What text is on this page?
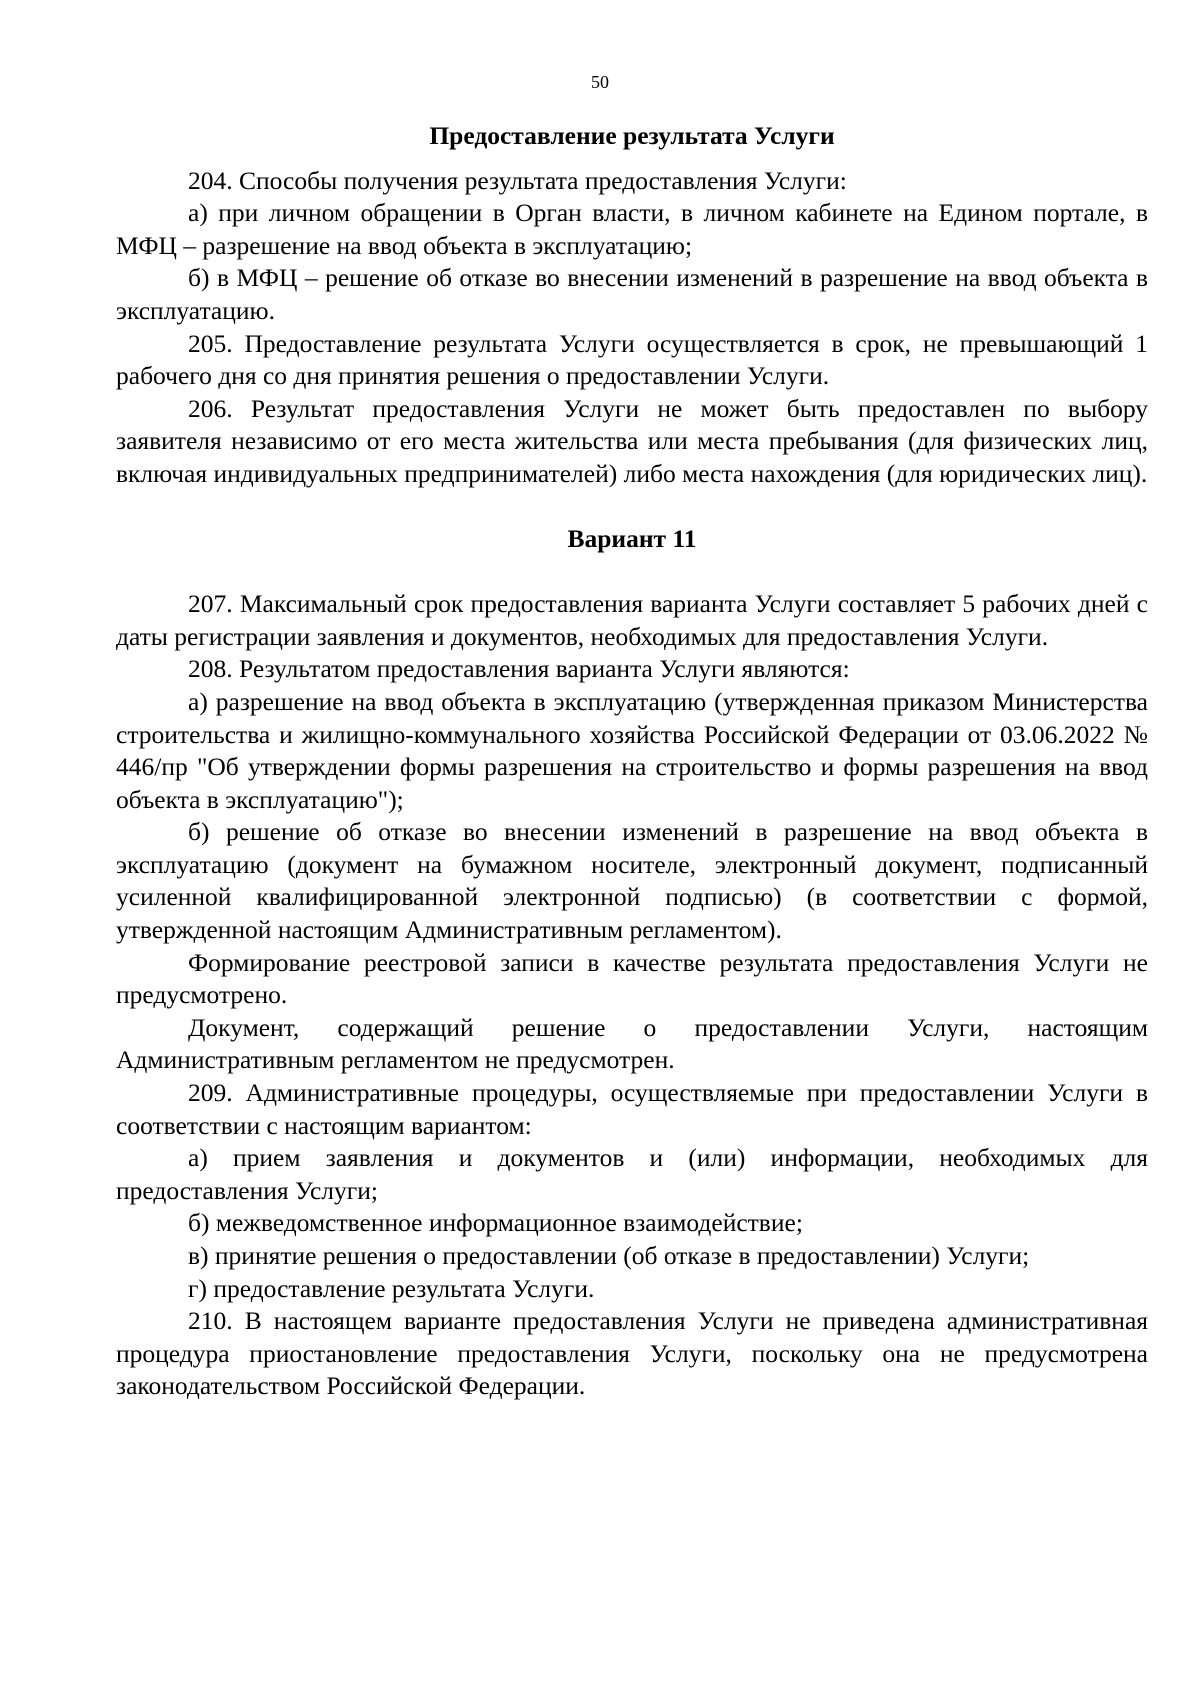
50
Предоставление результата Услуги

204. Способы получения результата предоставления Услуги:

а) при личном обращении в Орган власти, в личном кабинете на Едином портале, в МФЦ – разрешение на ввод объекта в эксплуатацию;

б) в МФЦ – решение об отказе во внесении изменений в разрешение на ввод объекта в эксплуатацию.

205. Предоставление результата Услуги осуществляется в срок, не превышающий 1 рабочего дня со дня принятия решения о предоставлении Услуги.

206. Результат предоставления Услуги не может быть предоставлен по выбору заявителя независимо от его места жительства или места пребывания (для физических лиц, включая индивидуальных предпринимателей) либо места нахождения (для юридических лиц).

Вариант 11

207. Максимальный срок предоставления варианта Услуги составляет 5 рабочих дней с даты регистрации заявления и документов, необходимых для предоставления Услуги.

208. Результатом предоставления варианта Услуги являются:

а) разрешение на ввод объекта в эксплуатацию (утвержденная приказом Министерства строительства и жилищно-коммунального хозяйства Российской Федерации от 03.06.2022 № 446/пр "Об утверждении формы разрешения на строительство и формы разрешения на ввод объекта в эксплуатацию");

б) решение об отказе во внесении изменений в разрешение на ввод объекта в эксплуатацию (документ на бумажном носителе, электронный документ, подписанный усиленной квалифицированной электронной подписью) (в соответствии с формой, утвержденной настоящим Административным регламентом).

Формирование реестровой записи в качестве результата предоставления Услуги не предусмотрено.

Документ, содержащий решение о предоставлении Услуги, настоящим Административным регламентом не предусмотрен.

209. Административные процедуры, осуществляемые при предоставлении Услуги в соответствии с настоящим вариантом:

а) прием заявления и документов и (или) информации, необходимых для предоставления Услуги;

б) межведомственное информационное взаимодействие;

в) принятие решения о предоставлении (об отказе в предоставлении) Услуги;

г) предоставление результата Услуги.

210. В настоящем варианте предоставления Услуги не приведена административная процедура приостановление предоставления Услуги, поскольку она не предусмотрена законодательством Российской Федерации.
